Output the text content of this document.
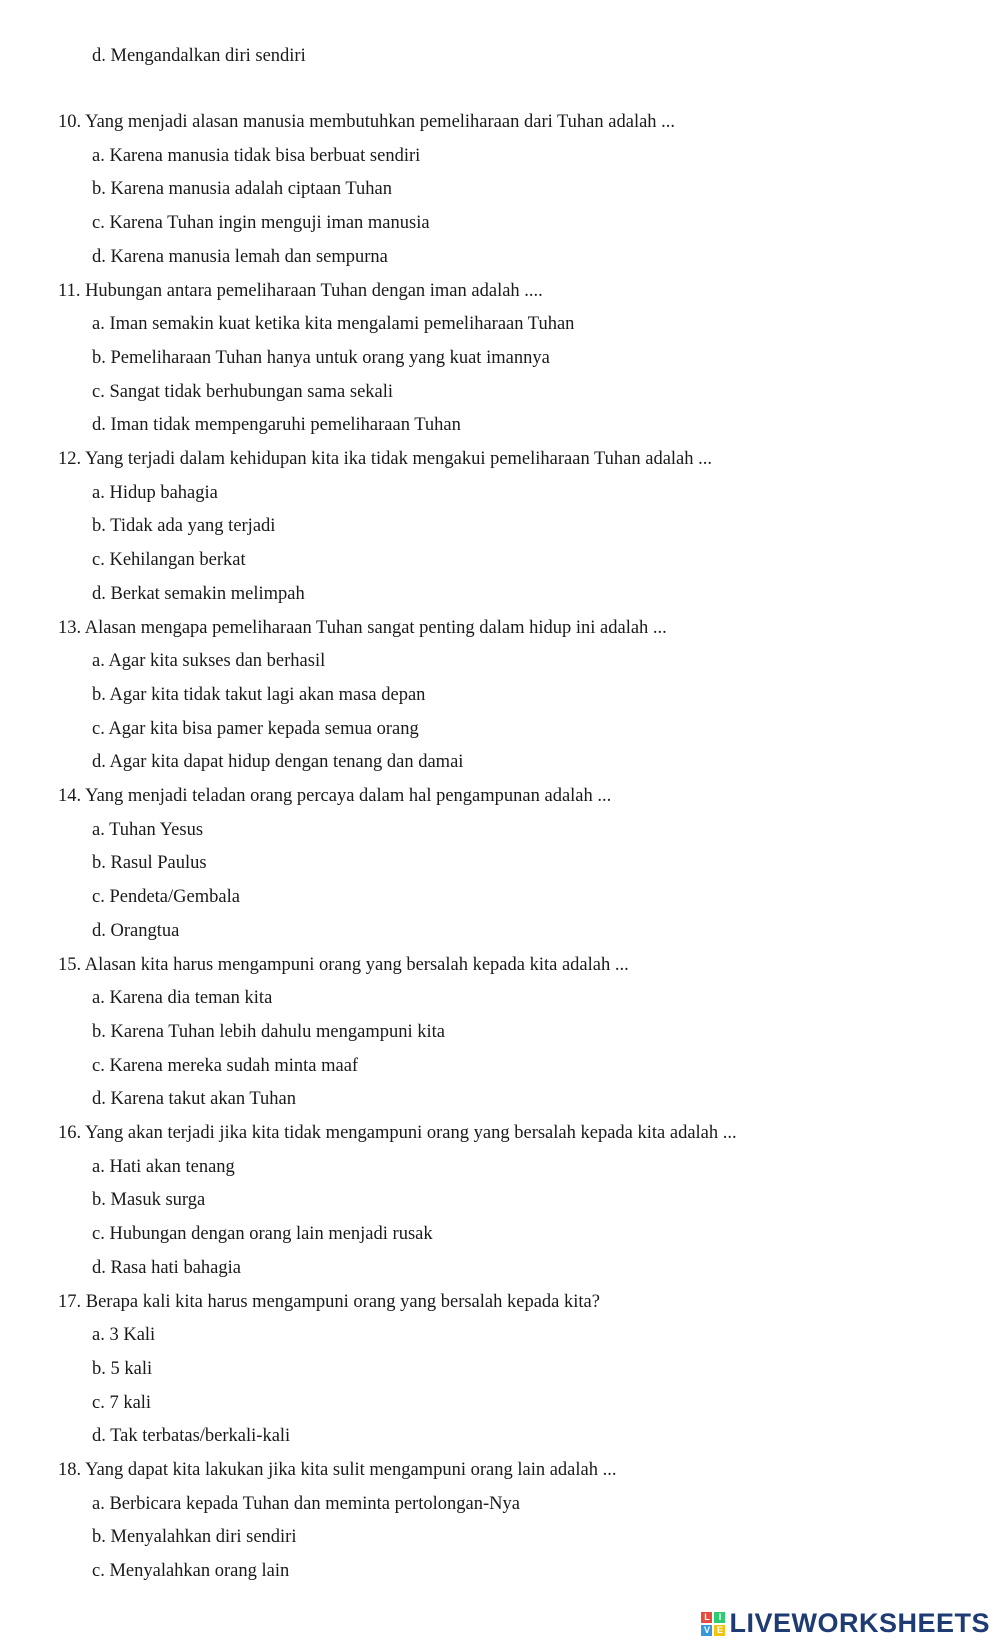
d. Mengandalkan diri sendiri
10. Yang menjadi alasan manusia membutuhkan pemeliharaan dari Tuhan adalah ...
a. Karena manusia tidak bisa berbuat sendiri
b. Karena manusia adalah ciptaan Tuhan
c. Karena Tuhan ingin menguji iman manusia
d. Karena manusia lemah dan sempurna
11. Hubungan antara pemeliharaan Tuhan dengan iman adalah ....
a. Iman semakin kuat ketika kita mengalami pemeliharaan Tuhan
b. Pemeliharaan Tuhan hanya untuk orang yang kuat imannya
c. Sangat tidak berhubungan sama sekali
d. Iman tidak mempengaruhi pemeliharaan Tuhan
12. Yang terjadi dalam kehidupan kita ika tidak mengakui pemeliharaan Tuhan adalah ...
a. Hidup bahagia
b. Tidak ada yang terjadi
c. Kehilangan berkat
d. Berkat semakin melimpah
13. Alasan mengapa pemeliharaan Tuhan sangat penting dalam hidup ini adalah ...
a. Agar kita sukses dan berhasil
b. Agar kita tidak takut lagi akan masa depan
c. Agar kita bisa pamer kepada semua orang
d. Agar kita dapat hidup dengan tenang dan damai
14. Yang menjadi teladan orang percaya dalam hal pengampunan adalah ...
a. Tuhan Yesus
b. Rasul Paulus
c. Pendeta/Gembala
d. Orangtua
15. Alasan kita harus mengampuni orang yang bersalah kepada kita adalah ...
a. Karena dia teman kita
b. Karena Tuhan lebih dahulu mengampuni kita
c. Karena mereka sudah minta maaf
d. Karena takut akan Tuhan
16. Yang akan terjadi jika kita tidak mengampuni orang yang bersalah kepada kita adalah ...
a. Hati akan tenang
b. Masuk surga
c. Hubungan dengan orang lain menjadi rusak
d. Rasa hati bahagia
17. Berapa kali kita harus mengampuni orang yang bersalah kepada kita?
a. 3 Kali
b. 5 kali
c. 7 kali
d. Tak terbatas/berkali-kali
18. Yang dapat kita lakukan jika kita sulit mengampuni orang lain adalah ...
a. Berbicara kepada Tuhan dan meminta pertolongan-Nya
b. Menyalahkan diri sendiri
c. Menyalahkan orang lain
L I
V E LIVEWORKSHEETS
